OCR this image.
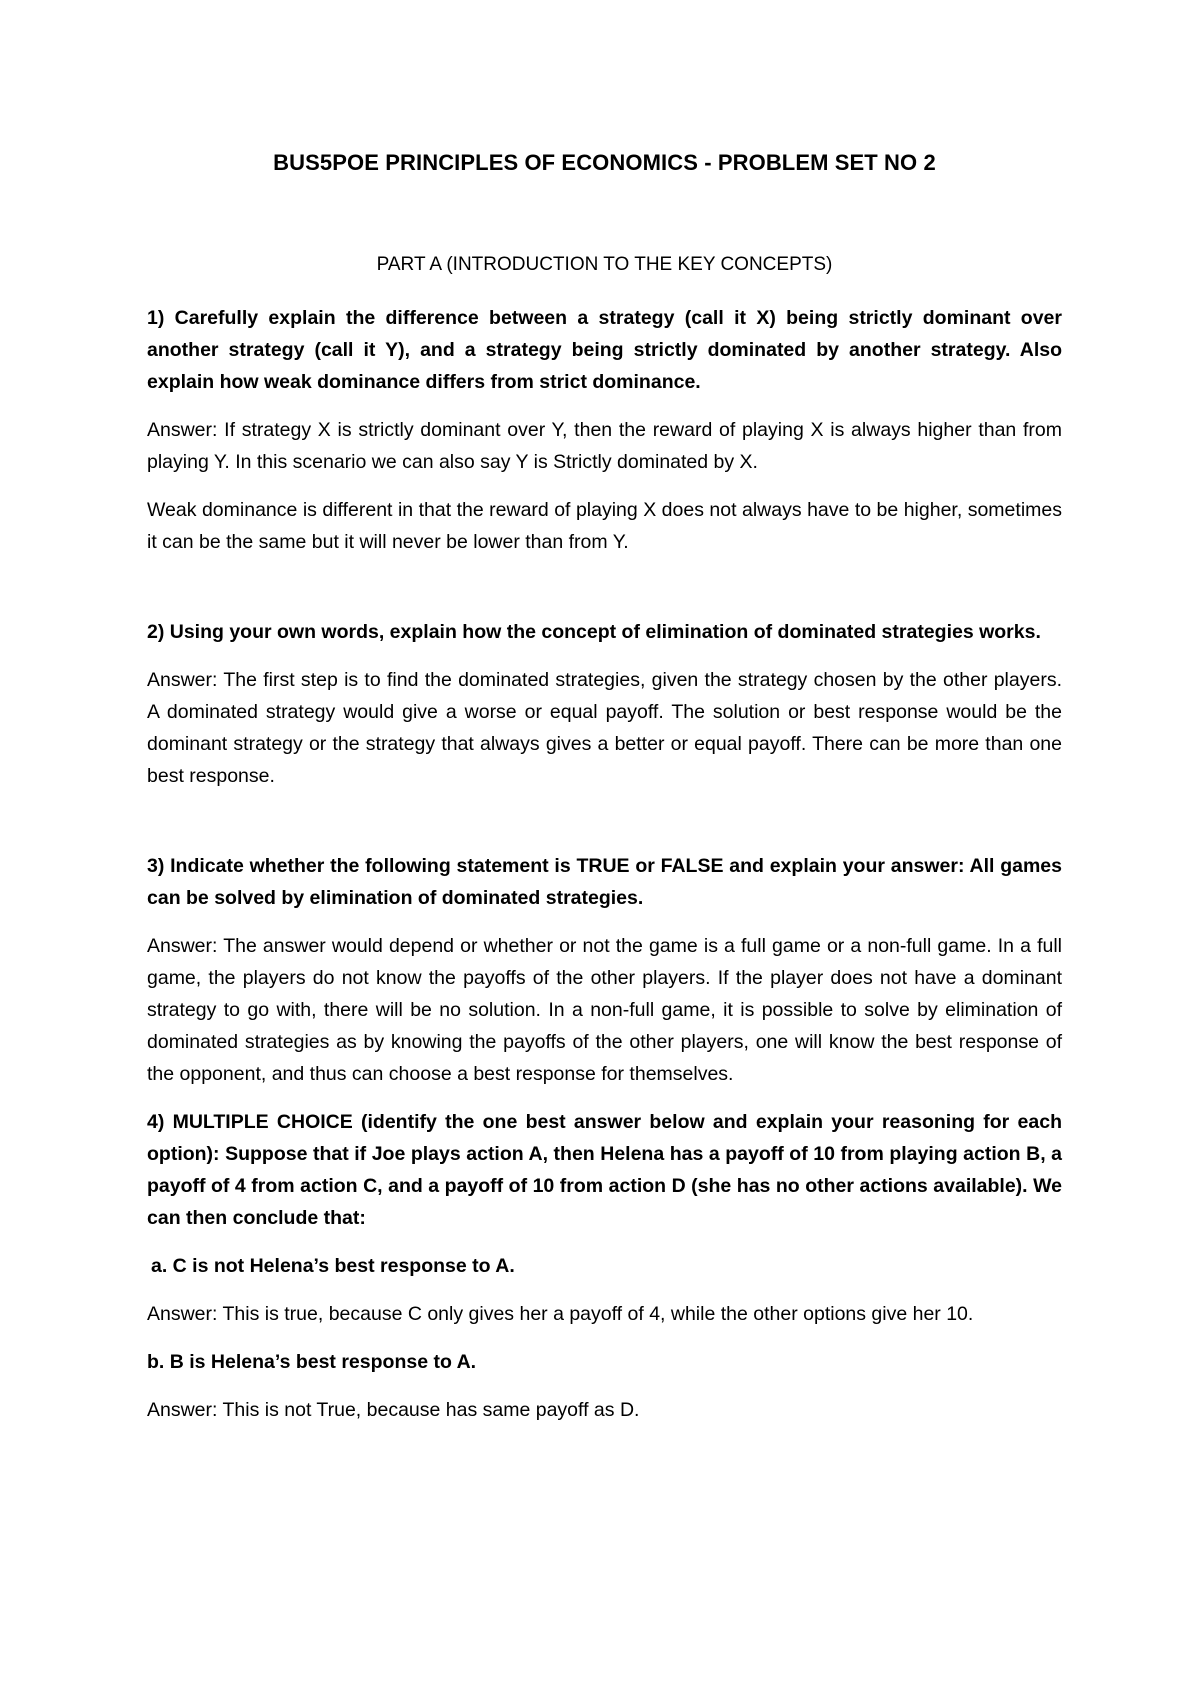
BUS5POE PRINCIPLES OF ECONOMICS - PROBLEM SET NO 2
PART A (INTRODUCTION TO THE KEY CONCEPTS)

1) Carefully explain the difference between a strategy (call it X) being strictly dominant over another strategy (call it Y), and a strategy being strictly dominated by another strategy. Also explain how weak dominance differs from strict dominance.

Answer: If strategy X is strictly dominant over Y, then the reward of playing X is always higher than from playing Y. In this scenario we can also say Y is Strictly dominated by X.

Weak dominance is different in that the reward of playing X does not always have to be higher, sometimes it can be the same but it will never be lower than from Y.

2) Using your own words, explain how the concept of elimination of dominated strategies works.

Answer: The first step is to find the dominated strategies, given the strategy chosen by the other players. A dominated strategy would give a worse or equal payoff. The solution or best response would be the dominant strategy or the strategy that always gives a better or equal payoff. There can be more than one best response.

3) Indicate whether the following statement is TRUE or FALSE and explain your answer: All games can be solved by elimination of dominated strategies.

Answer: The answer would depend or whether or not the game is a full game or a non-full game. In a full game, the players do not know the payoffs of the other players. If the player does not have a dominant strategy to go with, there will be no solution. In a non-full game, it is possible to solve by elimination of dominated strategies as by knowing the payoffs of the other players, one will know the best response of the opponent, and thus can choose a best response for themselves.

4) MULTIPLE CHOICE (identify the one best answer below and explain your reasoning for each option): Suppose that if Joe plays action A, then Helena has a payoff of 10 from playing action B, a payoff of 4 from action C, and a payoff of 10 from action D (she has no other actions available). We can then conclude that:

a. C is not Helena’s best response to A.

Answer: This is true, because C only gives her a payoff of 4, while the other options give her 10.

b. B is Helena’s best response to A.

Answer: This is not True, because has same payoff as D.
